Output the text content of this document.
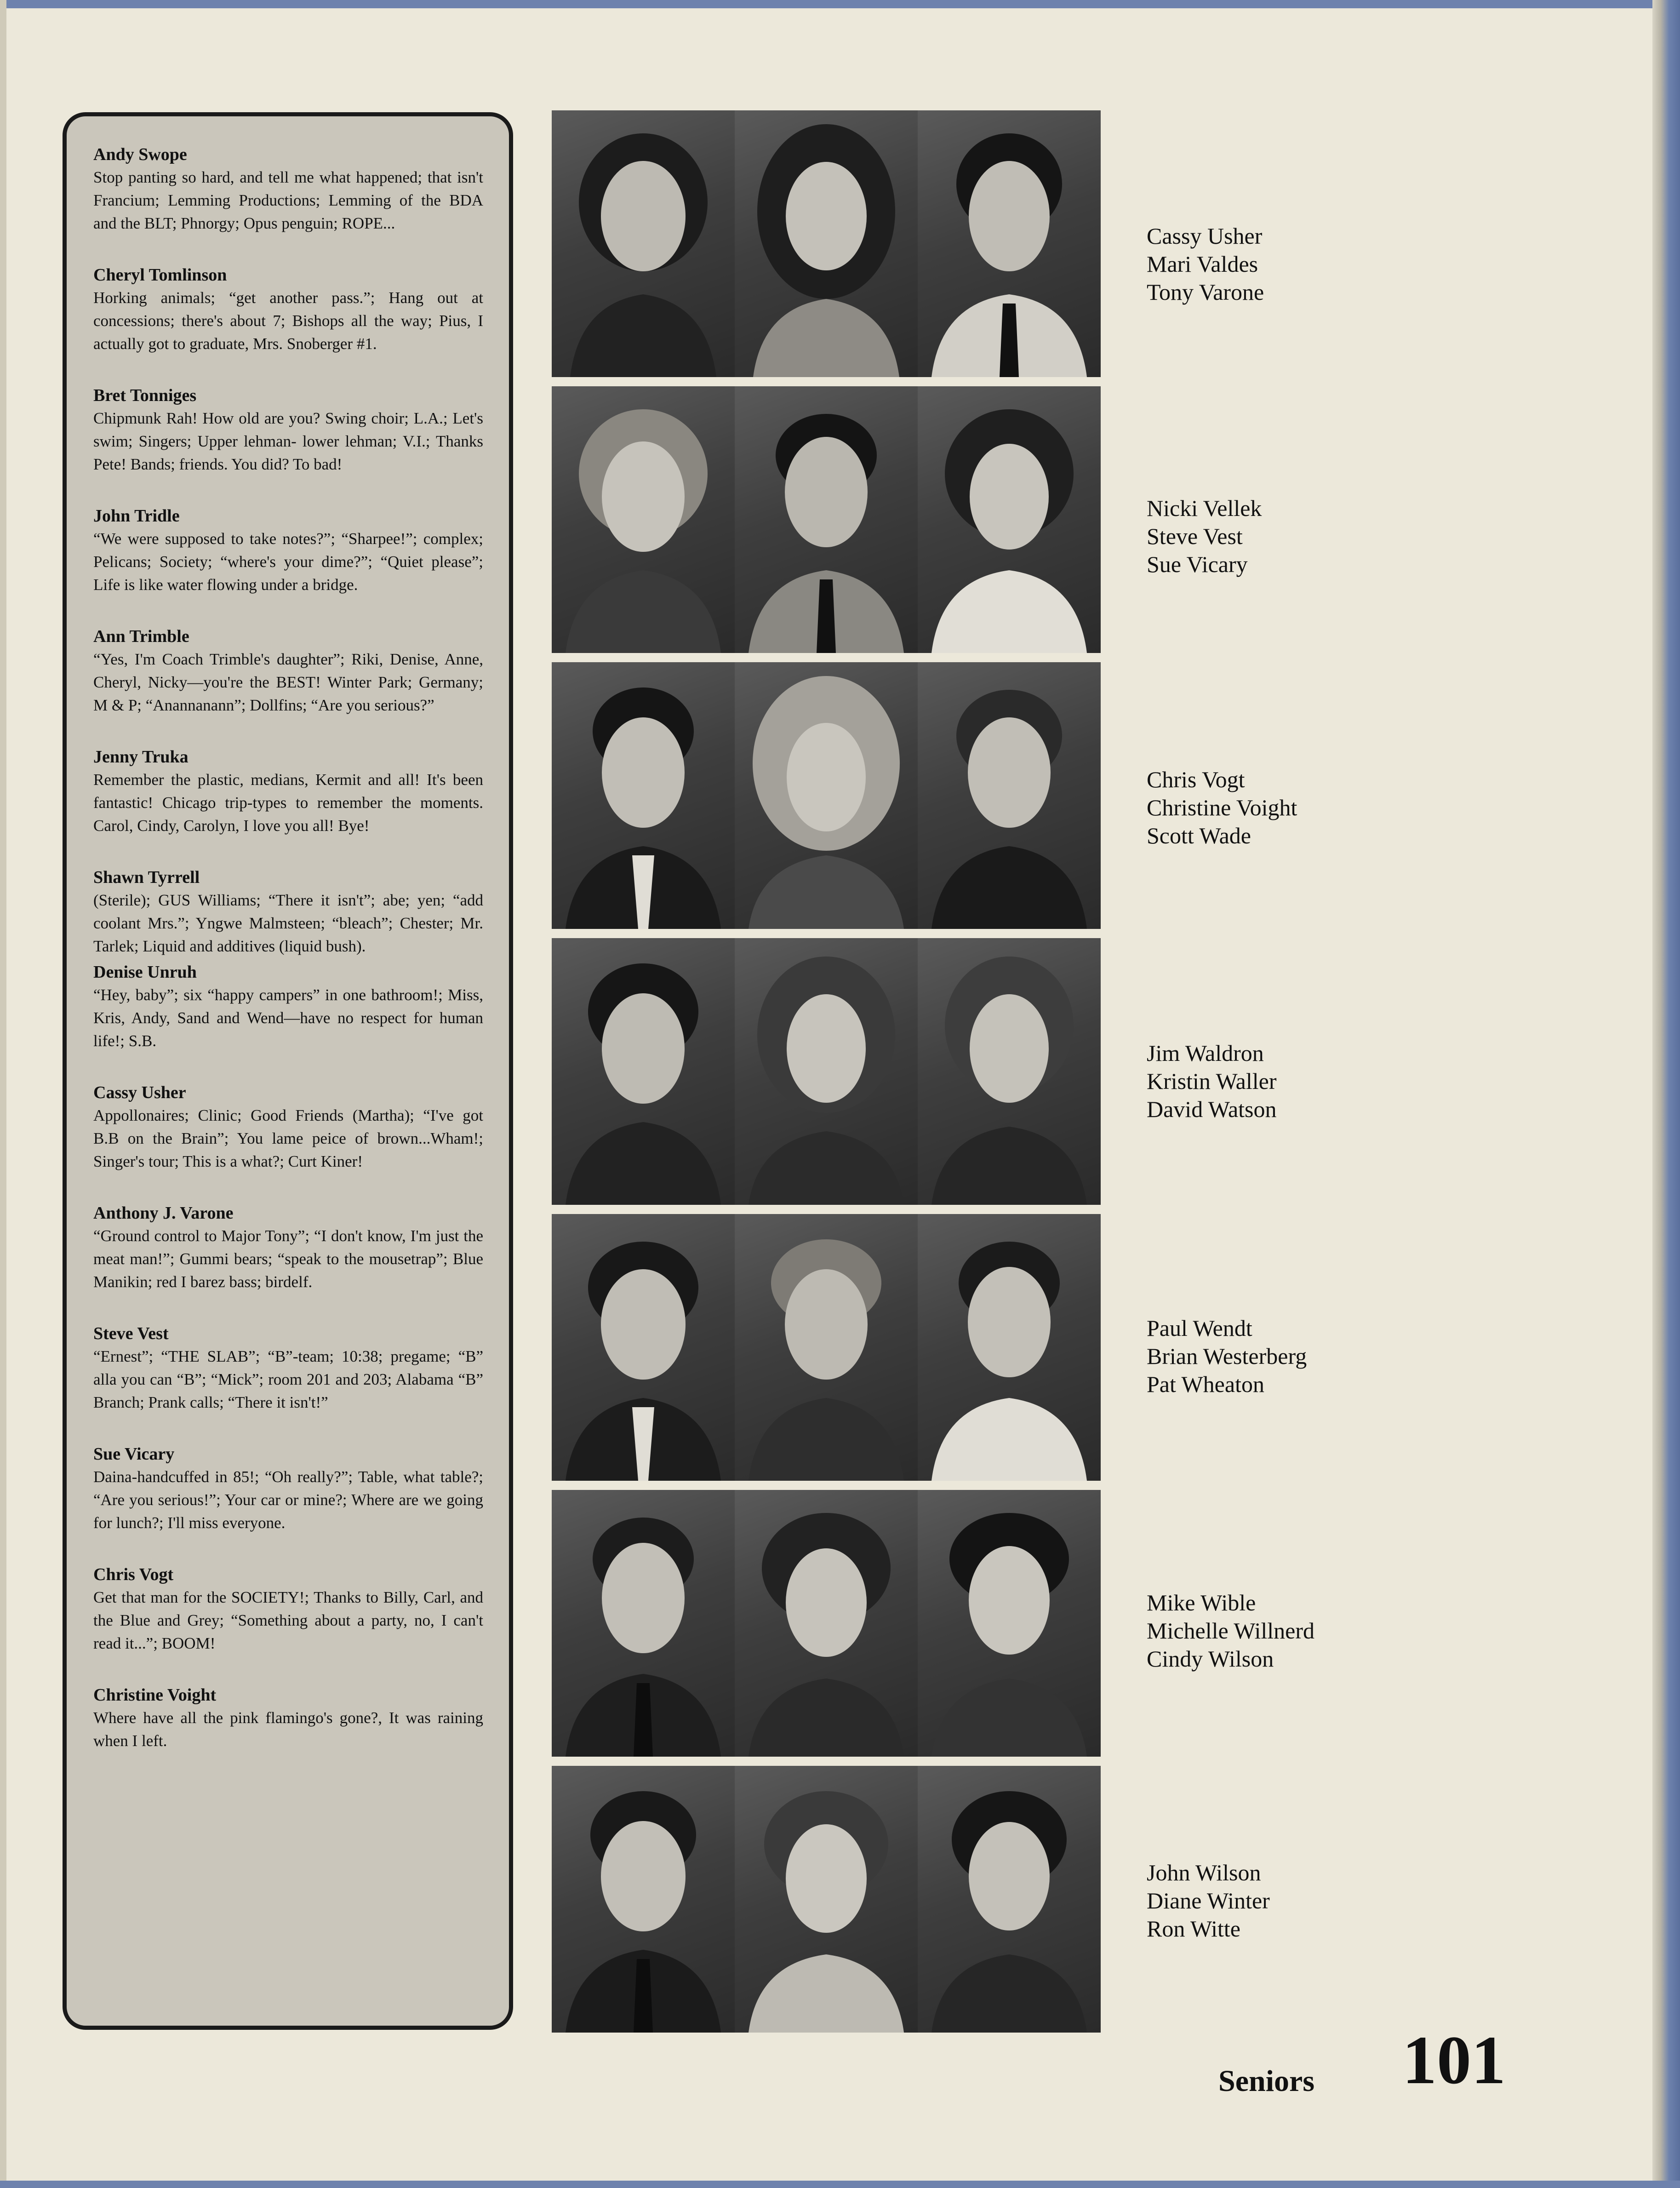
Andy Swope

Stop panting so hard, and tell me what happened; that isn't Francium; Lemming Productions; Lemming of the BDA and the BLT; Phnorgy; Opus penguin; ROPE...

Cheryl Tomlinson

Horking animals; “get another pass.”; Hang out at concessions; there's about 7; Bishops all the way; Pius, I actually got to graduate, Mrs. Snoberger #1.

Bret Tonniges

Chipmunk Rah! How old are you? Swing choir; L.A.; Let's swim; Singers; Upper lehman- lower lehman; V.I.; Thanks Pete! Bands; friends. You did? To bad!

John Tridle

“We were supposed to take notes?”; “Sharpee!”; complex; Pelicans; Society; “where's your dime?”; “Quiet please”; Life is like water flowing under a bridge.

Ann Trimble

“Yes, I'm Coach Trimble's daughter”; Riki, Denise, Anne, Cheryl, Nicky—you're the BEST! Winter Park; Germany; M & P; “Anannanann”; Dollfins; “Are you serious?”

Jenny Truka

Remember the plastic, medians, Kermit and all! It's been fantastic! Chicago trip-types to remember the moments. Carol, Cindy, Carolyn, I love you all! Bye!

Shawn Tyrrell

(Sterile); GUS Williams; “There it isn't”; abe; yen; “add coolant Mrs.”; Yngwe Malmsteen; “bleach”; Chester; Mr. Tarlek; Liquid and additives (liquid bush).

Denise Unruh

“Hey, baby”; six “happy campers” in one bathroom!; Miss, Kris, Andy, Sand and Wend—have no respect for human life!; S.B.

Cassy Usher

Appollonaires; Clinic; Good Friends (Martha); “I've got B.B on the Brain”; You lame peice of brown...Wham!; Singer's tour; This is a what?; Curt Kiner!

Anthony J. Varone

“Ground control to Major Tony”; “I don't know, I'm just the meat man!”; Gummi bears; “speak to the mousetrap”; Blue Manikin; red I barez bass; birdelf.

Steve Vest

“Ernest”; “THE SLAB”; “B”-team; 10:38; pregame; “B” alla you can “B”; “Mick”; room 201 and 203; Alabama “B” Branch; Prank calls; “There it isn't!”

Sue Vicary

Daina-handcuffed in 85!; “Oh really?”; Table, what table?; “Are you serious!”; Your car or mine?; Where are we going for lunch?; I'll miss everyone.

Chris Vogt

Get that man for the SOCIETY!; Thanks to Billy, Carl, and the Blue and Grey; “Something about a party, no, I can't read it...”; BOOM!

Christine Voight

Where have all the pink flamingo's gone?, It was raining when I left.

Cassy Usher
Mari Valdes
Tony Varone
Nicki Vellek
Steve Vest
Sue Vicary
Chris Vogt
Christine Voight
Scott Wade
Jim Waldron
Kristin Waller
David Watson
Paul Wendt
Brian Westerberg
Pat Wheaton
Mike Wible
Michelle Willnerd
Cindy Wilson
John Wilson
Diane Winter
Ron Witte
Seniors 101
